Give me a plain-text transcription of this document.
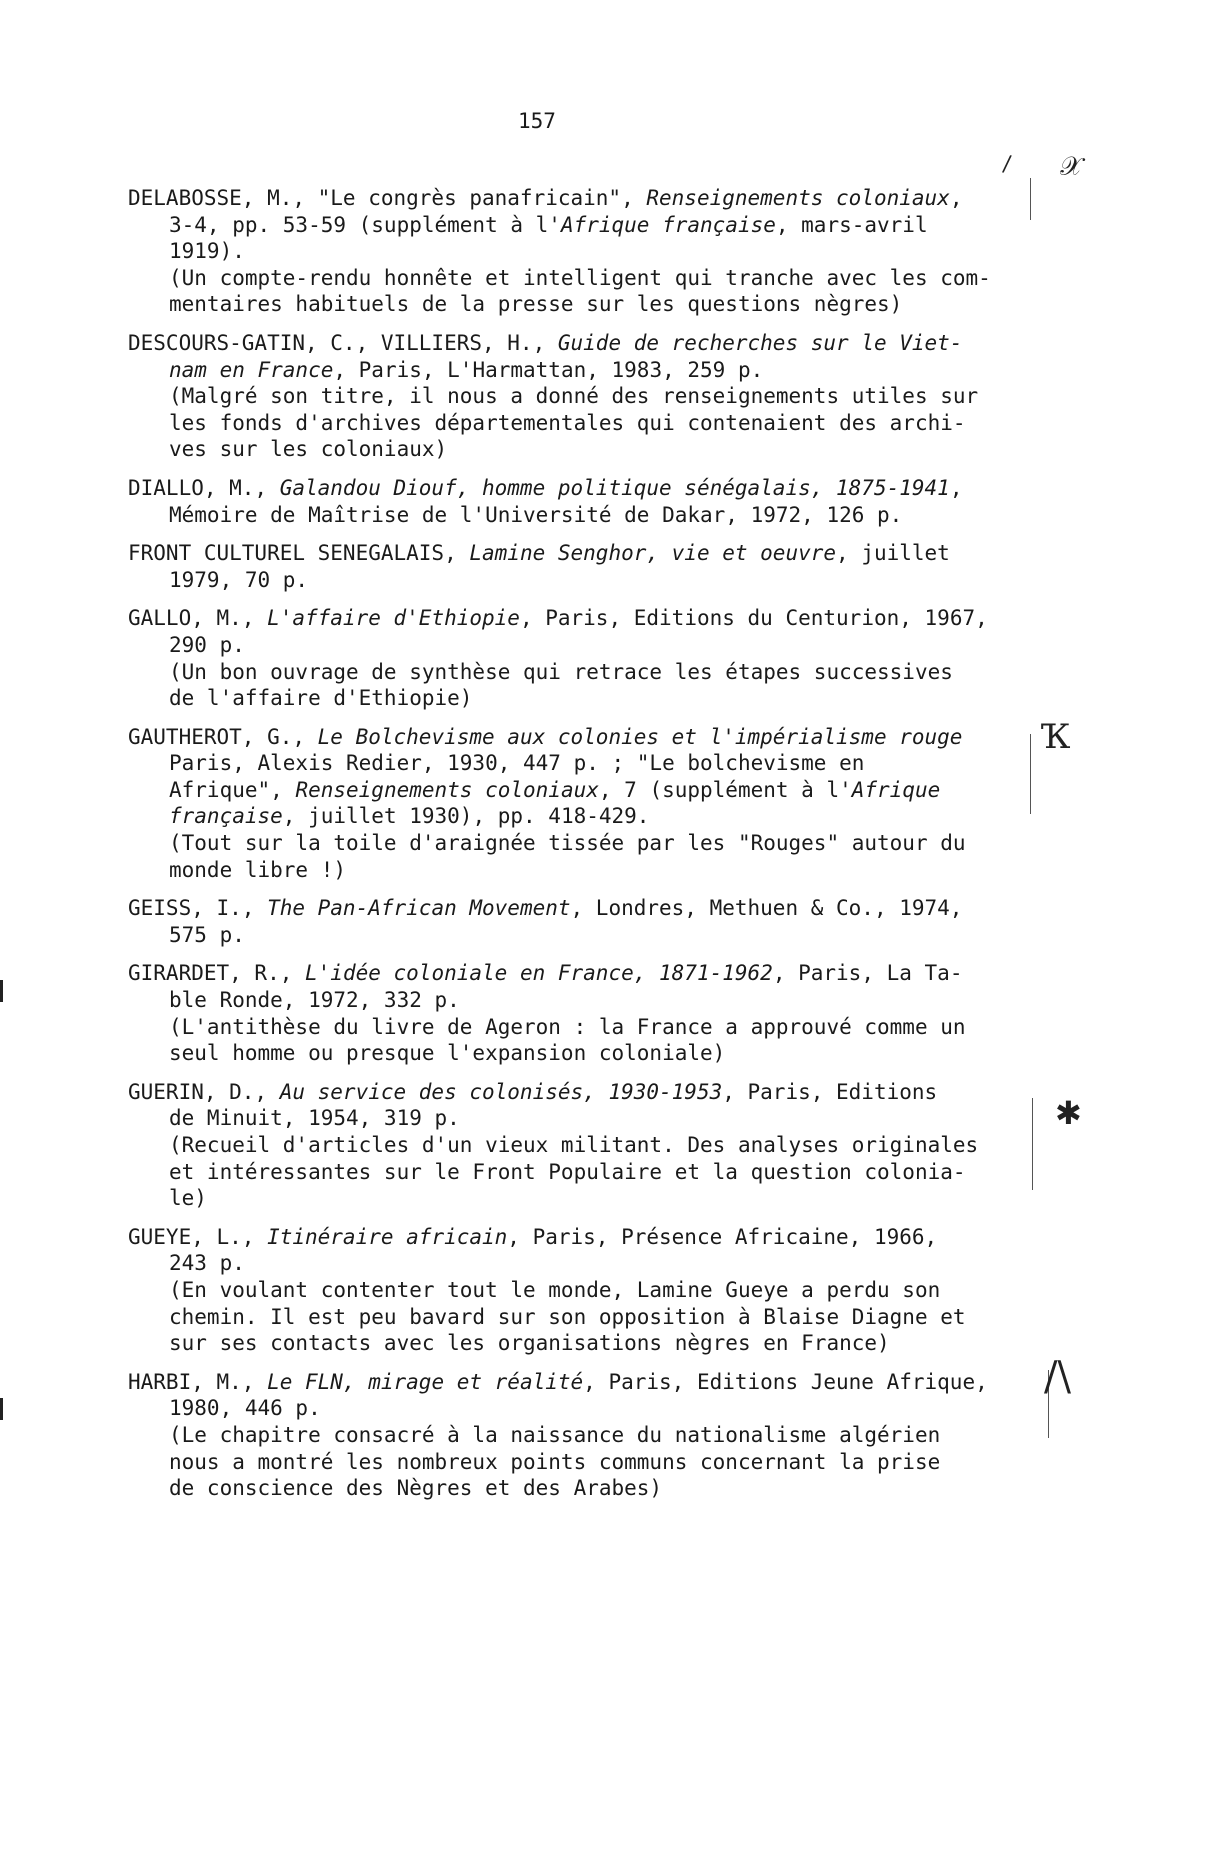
157
DELABOSSE, M., "Le congrès panafricain", Renseignements coloniaux,
3-4, pp. 53-59 (supplément à l'Afrique française, mars-avril
1919).
(Un compte-rendu honnête et intelligent qui tranche avec les com-
mentaires habituels de la presse sur les questions nègres)
DESCOURS-GATIN, C., VILLIERS, H., Guide de recherches sur le Viet-
nam en France, Paris, L'Harmattan, 1983, 259 p.
(Malgré son titre, il nous a donné des renseignements utiles sur
les fonds d'archives départementales qui contenaient des archi-
ves sur les coloniaux)
DIALLO, M., Galandou Diouf, homme politique sénégalais, 1875-1941,
Mémoire de Maîtrise de l'Université de Dakar, 1972, 126 p.
FRONT CULTUREL SENEGALAIS, Lamine Senghor, vie et oeuvre, juillet
1979, 70 p.
GALLO, M., L'affaire d'Ethiopie, Paris, Editions du Centurion, 1967,
290 p.
(Un bon ouvrage de synthèse qui retrace les étapes successives
de l'affaire d'Ethiopie)
GAUTHEROT, G., Le Bolchevisme aux colonies et l'impérialisme rouge
Paris, Alexis Redier, 1930, 447 p. ; "Le bolchevisme en
Afrique", Renseignements coloniaux, 7 (supplément à l'Afrique
française, juillet 1930), pp. 418-429.
(Tout sur la toile d'araignée tissée par les "Rouges" autour du
monde libre !)
GEISS, I., The Pan-African Movement, Londres, Methuen & Co., 1974,
575 p.
GIRARDET, R., L'idée coloniale en France, 1871-1962, Paris, La Ta-
ble Ronde, 1972, 332 p.
(L'antithèse du livre de Ageron : la France a approuvé comme un
seul homme ou presque l'expansion coloniale)
GUERIN, D., Au service des colonisés, 1930-1953, Paris, Editions
de Minuit, 1954, 319 p.
(Recueil d'articles d'un vieux militant. Des analyses originales
et intéressantes sur le Front Populaire et la question colonia-
le)
GUEYE, L., Itinéraire africain, Paris, Présence Africaine, 1966,
243 p.
(En voulant contenter tout le monde, Lamine Gueye a perdu son
chemin. Il est peu bavard sur son opposition à Blaise Diagne et
sur ses contacts avec les organisations nègres en France)
HARBI, M., Le FLN, mirage et réalité, Paris, Editions Jeune Afrique,
1980, 446 p.
(Le chapitre consacré à la naissance du nationalisme algérien
nous a montré les nombreux points communs concernant la prise
de conscience des Nègres et des Arabes)
/ 𝒳
Ҡ
✱
/\
